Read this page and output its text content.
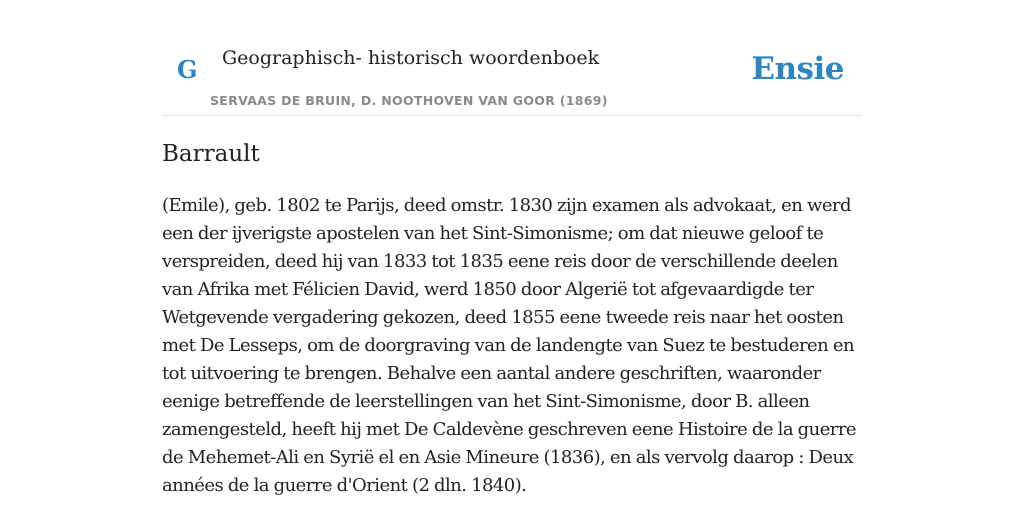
G Geographisch- historisch woordenboek
SERVAAS DE BRUIN, D. NOOTHOVEN VAN GOOR (1869)
Ensie
Barrault

(Emile), geb. 1802 te Parijs, deed omstr. 1830 zijn examen als advokaat, en werd een der ijverigste apostelen van het Sint-Simonisme; om dat nieuwe geloof te verspreiden, deed hij van 1833 tot 1835 eene reis door de verschillende deelen van Afrika met Félicien David, werd 1850 door Algerië tot afgevaardigde ter Wetgevende vergadering gekozen, deed 1855 eene tweede reis naar het oosten met De Lesseps, om de doorgraving van de landengte van Suez te bestuderen en tot uitvoering te brengen. Behalve een aantal andere geschriften, waaronder eenige betreffende de leerstellingen van het Sint-Simonisme, door B. alleen zamengesteld, heeft hij met De Caldevène geschreven eene Histoire de la guerre de Mehemet-Ali en Syrië el en Asie Mineure (1836), en als vervolg daarop : Deux années de la guerre d'Orient (2 dln. 1840).
